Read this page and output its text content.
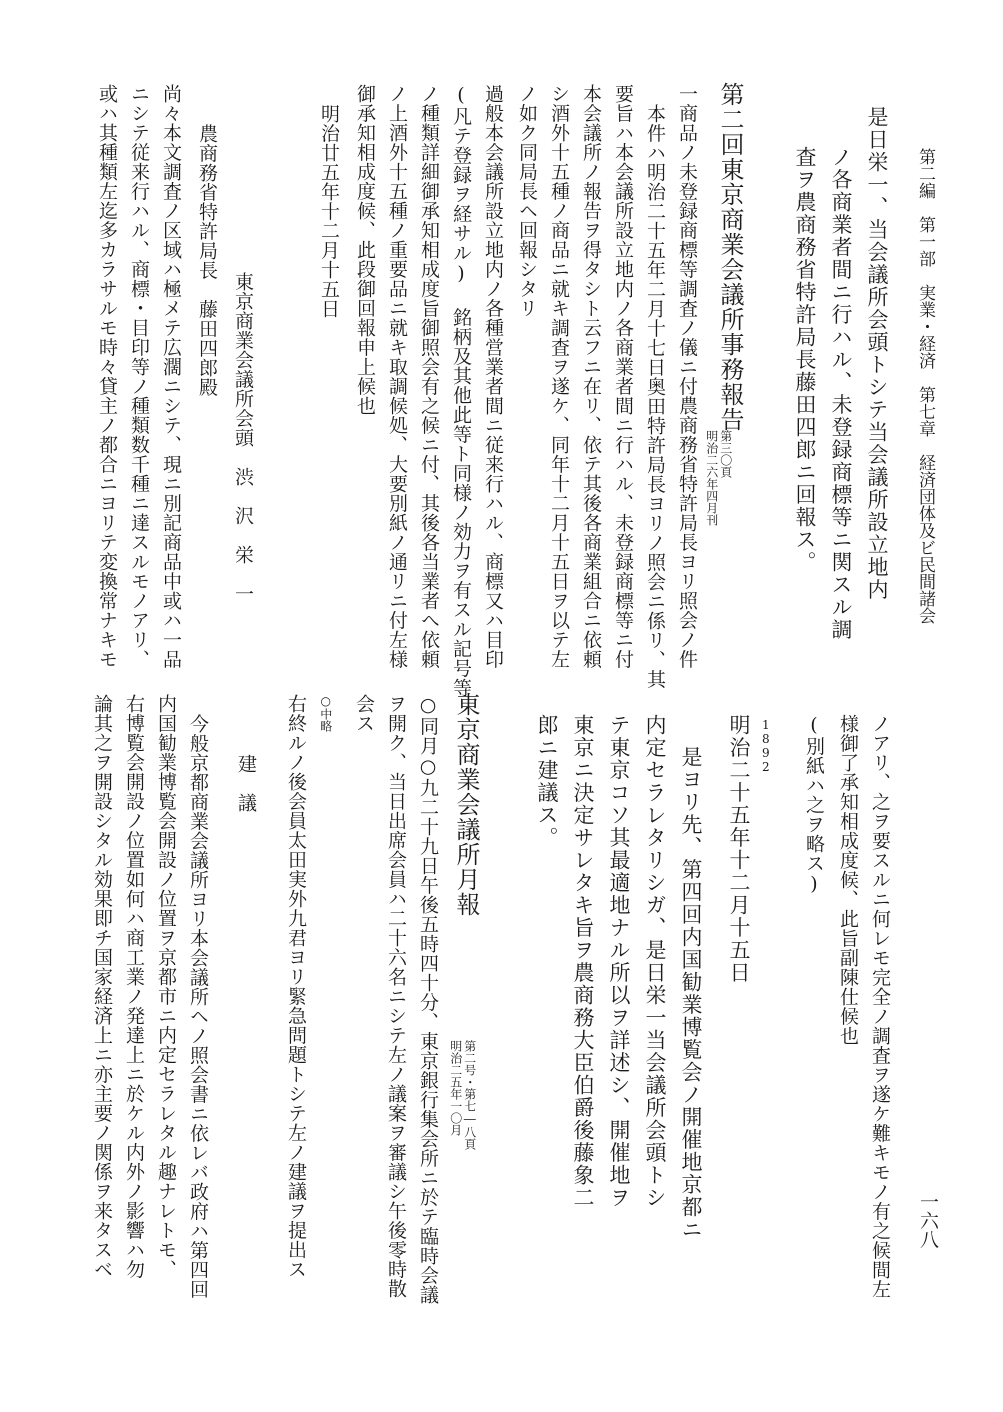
第二編　第一部　実業・経済　第七章　経済団体及ビ民間諸会
一六八
是日栄一、当会議所会頭トシテ当会議所設立地内
ノ各商業者間ニ行ハル、未登録商標等ニ関スル調
査ヲ農商務省特許局長藤田四郎ニ回報ス。
第二回東京商業会議所事務報告
第三〇頁
明治二六年四月刊
一商品ノ未登録商標等調査ノ儀ニ付農商務省特許局長ヨリ照会ノ件
本件ハ明治二十五年二月十七日奥田特許局長ヨリノ照会ニ係リ、其
要旨ハ本会議所設立地内ノ各商業者間ニ行ハル、未登録商標等ニ付
本会議所ノ報告ヲ得タシト云フニ在リ、依テ其後各商業組合ニ依頼
シ酒外十五種ノ商品ニ就キ調査ヲ遂ケ、同年十二月十五日ヲ以テ左
ノ如ク同局長ヘ回報シタリ
過般本会議所設立地内ノ各種営業者間ニ従来行ハル、商標又ハ目印
(凡テ登録ヲ経サル) 銘柄及其他此等ト同様ノ効力ヲ有スル記号等
ノ種類詳細御承知相成度旨御照会有之候ニ付、其後各当業者へ依頼
ノ上酒外十五種ノ重要品ニ就キ取調候処、大要別紙ノ通リニ付左様
御承知相成度候、此段御回報申上候也
明治廿五年十二月十五日
東京商業会議所会頭　渋　沢　栄　一
農商務省特許局長　藤田四郎殿
尚々本文調査ノ区域ハ極メテ広濶ニシテ、現ニ別記商品中或ハ一品
ニシテ従来行ハル、商標・目印等ノ種類数千種ニ達スルモノアリ、
或ハ其種類左迄多カラサルモ時々貸主ノ都合ニヨリテ変換常ナキモ
ノアリ、之ヲ要スルニ何レモ完全ノ調査ヲ遂ケ難キモノ有之候間左
様御了承知相成度候、此旨副陳仕候也
(別紙ハ之ヲ略ス)
1892
明治二十五年十二月十五日
是ヨリ先、第四回内国勧業博覧会ノ開催地京都ニ
内定セラレタリシガ、是日栄一当会議所会頭トシ
テ東京コソ其最適地ナル所以ヲ詳述シ、開催地ヲ
東京ニ決定サレタキ旨ヲ農商務大臣伯爵後藤象二
郎ニ建議ス。
東京商業会議所月報
第二号・第七―八頁
明治二五年一〇月
○同月○九二十九日午後五時四十分、東京銀行集会所ニ於テ臨時会議
ヲ開ク、当日出席会員ハ二十六名ニシテ左ノ議案ヲ審議シ午後零時散
会ス
○中略
右終ルノ後会員太田実外九君ヨリ緊急問題トシテ左ノ建議ヲ提出ス
建　議
今般京都商業会議所ヨリ本会議所ヘノ照会書ニ依レバ政府ハ第四回
内国勧業博覧会開設ノ位置ヲ京都市ニ内定セラレタル趣ナレトモ、
右博覧会開設ノ位置如何ハ商工業ノ発達上ニ於ケル内外ノ影響ハ勿
論其之ヲ開設シタル効果即チ国家経済上ニ亦主要ノ関係ヲ来タスベ
